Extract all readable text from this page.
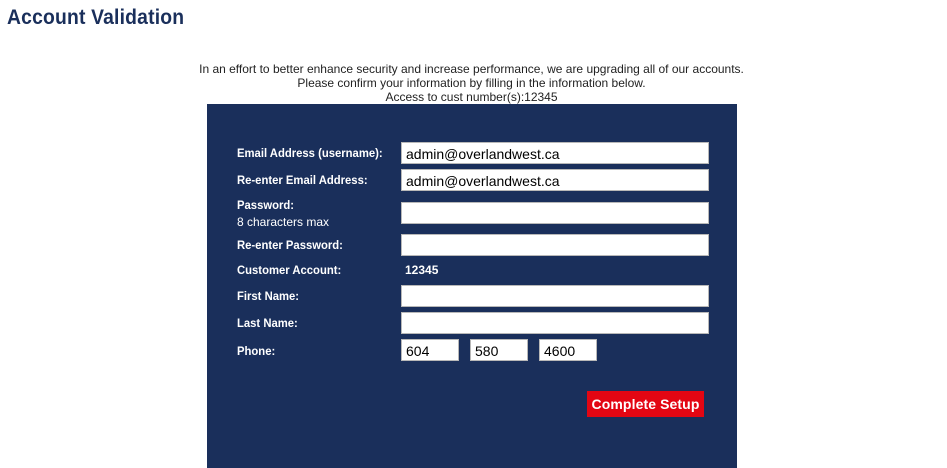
Account Validation
In an effort to better enhance security and increase performance, we are upgrading all of our accounts.
Please confirm your information by filling in the information below.
Access to cust number(s):12345
Email Address (username):
admin@overlandwest.ca
Re-enter Email Address:
admin@overlandwest.ca
Password:
8 characters max
Re-enter Password:
Customer Account:	12345
First Name:
Last Name:
Phone:
604
580
4600
Complete Setup
